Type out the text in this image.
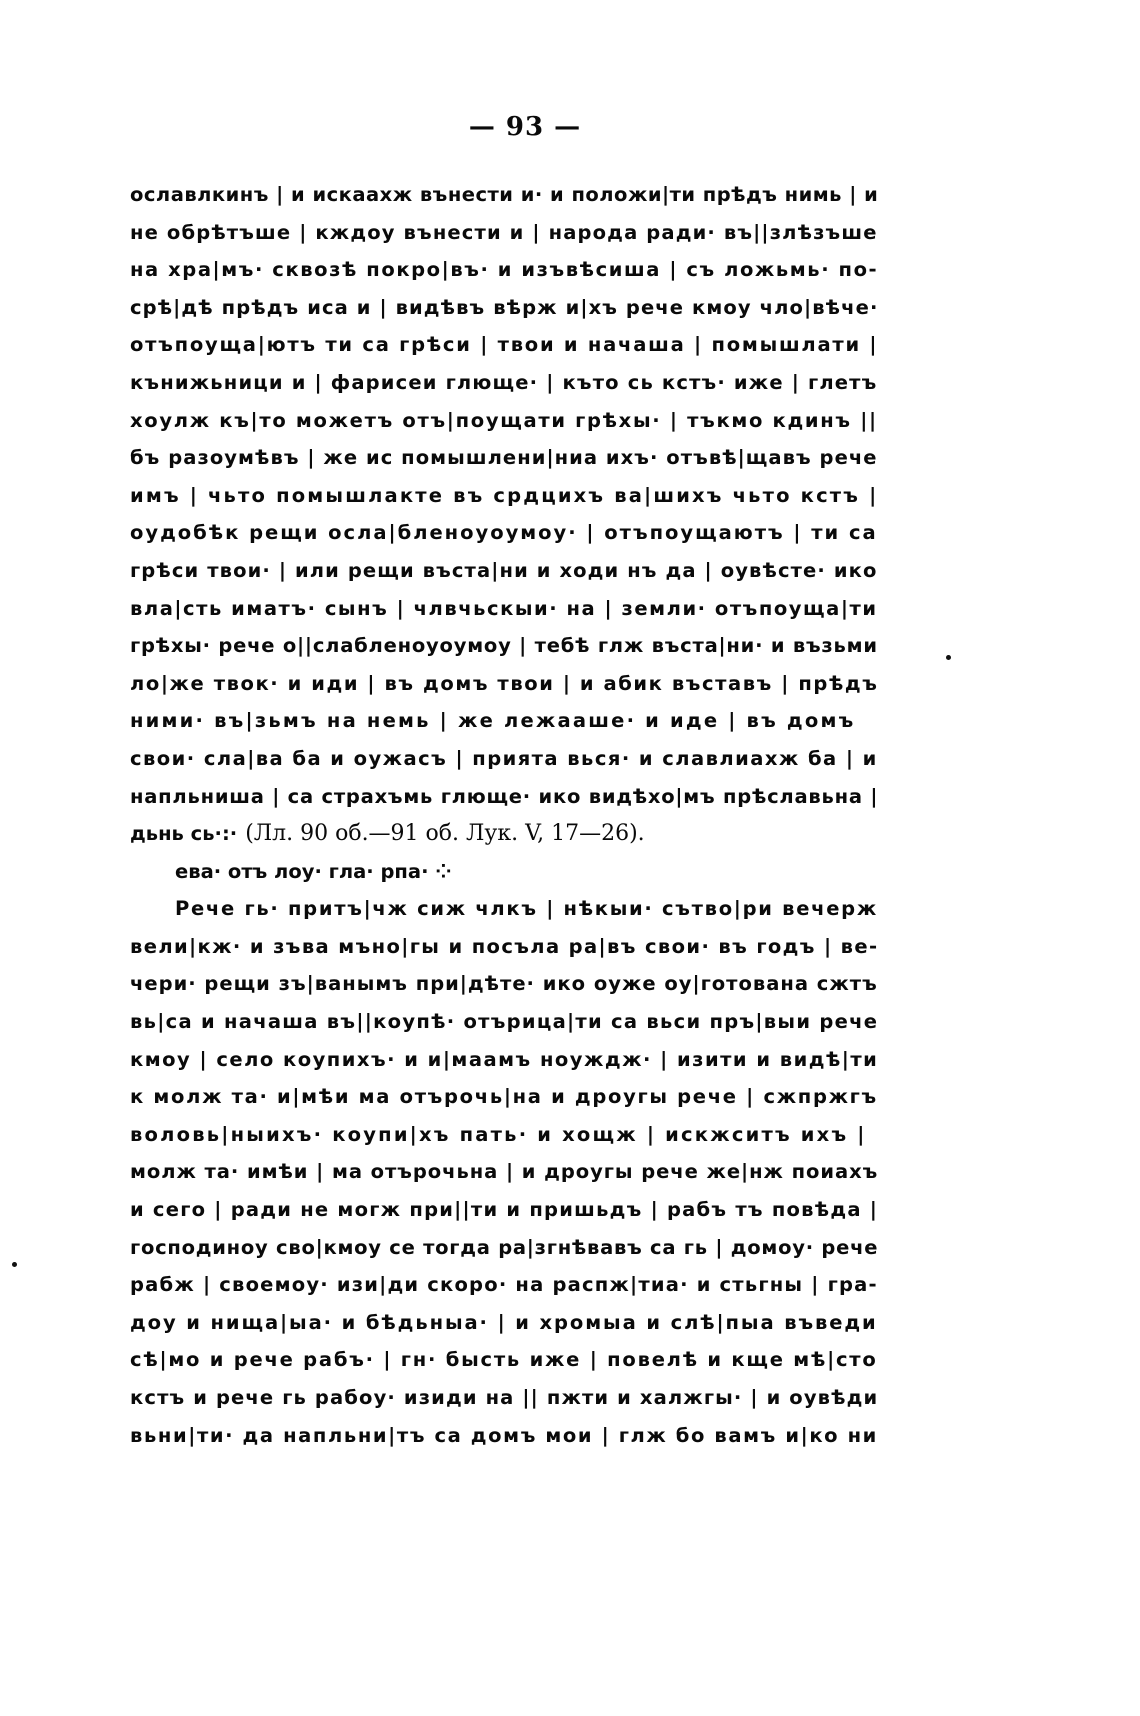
— 93 —
ославлкинъ | и искаахж вънести и· и положи|ти прѣдъ нимь | и
не обрѣтъше | кждоу вънести и | народа ради· въ||злѣзъше
на хра|мъ· сквозѣ покро|въ· и изъвѣсиша | съ ложьмь· по-
срѣ|дѣ прѣдъ иса и | видѣвъ вѣрж и|хъ рече кмоу чло|вѣче·
отъпоуща|ютъ ти са грѣси | твои и начаша | помышлати |
кънижьници и | фарисеи глюще· | къто сь кстъ· иже | глетъ
хоулж къ|то можетъ отъ|поущати грѣхы· | тъкмо кдинъ ||
бъ разоумѣвъ | же ис помышлени|ниа ихъ· отъвѣ|щавъ рече
имъ | чьто помышлакте въ срдцихъ ва|шихъ чьто кстъ |
оудобѣк рещи осла|бленоуоумоу· | отъпоущаютъ | ти са
грѣси твои· | или рещи въста|ни и ходи нъ да | оувѣсте· ико
вла|сть иматъ· сынъ | члвчьскыи· на | земли· отъпоуща|ти
грѣхы· рече о||слабленоуоумоу | тебѣ глж въста|ни· и възьми
ло|же твок· и иди | въ домъ твои | и абик въставъ | прѣдъ
ними· въ|зьмъ на немь | же лежааше· и иде | въ домъ
свои· сла|ва ба и оужасъ | прията вься· и славлиахж ба | и
напльниша | са страхъмь глюще· ико видѣхо|мъ прѣславьна |
дьнь сь·:· (Лл. 90 об.—91 об. Лук. V, 17—26).
ева· отъ лоу· гла· рпа· ⁘
Рече гь· притъ|чж сиж члкъ | нѣкыи· сътво|ри вечерж
вели|кж· и зъва мъно|гы и посъла ра|въ свои· въ годъ | ве-
чери· рещи зъ|ванымъ при|дѣте· ико оуже оу|готована сжтъ
вь|са и начаша въ||коупѣ· отърица|ти са вьси пръ|выи рече
кмоу | село коупихъ· и и|маамъ ноуждж· | изити и видѣ|ти
к молж та· и|мѣи ма отърочь|на и дроугы рече | сжпржгъ
воловь|ныихъ· коупи|хъ пать· и хощж | искжситъ ихъ |
молж та· имѣи | ма отърочьна | и дроугы рече же|нж поиахъ
и сего | ради не могж при||ти и пришьдъ | рабъ тъ повѣда |
господиноу сво|кмоу се тогда ра|згнѣвавъ са гь | домоу· рече
рабж | своемоу· изи|ди скоро· на распж|тиа· и стьгны | гра-
доу и нища|ыа· и бѣдьныа· | и хромыа и слѣ|пыа въведи
сѣ|мо и рече рабъ· | гн· бысть иже | повелѣ и кще мѣ|сто
кстъ и рече гь рабоу· изиди на || пжти и халжгы· | и оувѣди
вьни|ти· да напльни|тъ са домъ мои | глж бо вамъ и|ко ни
